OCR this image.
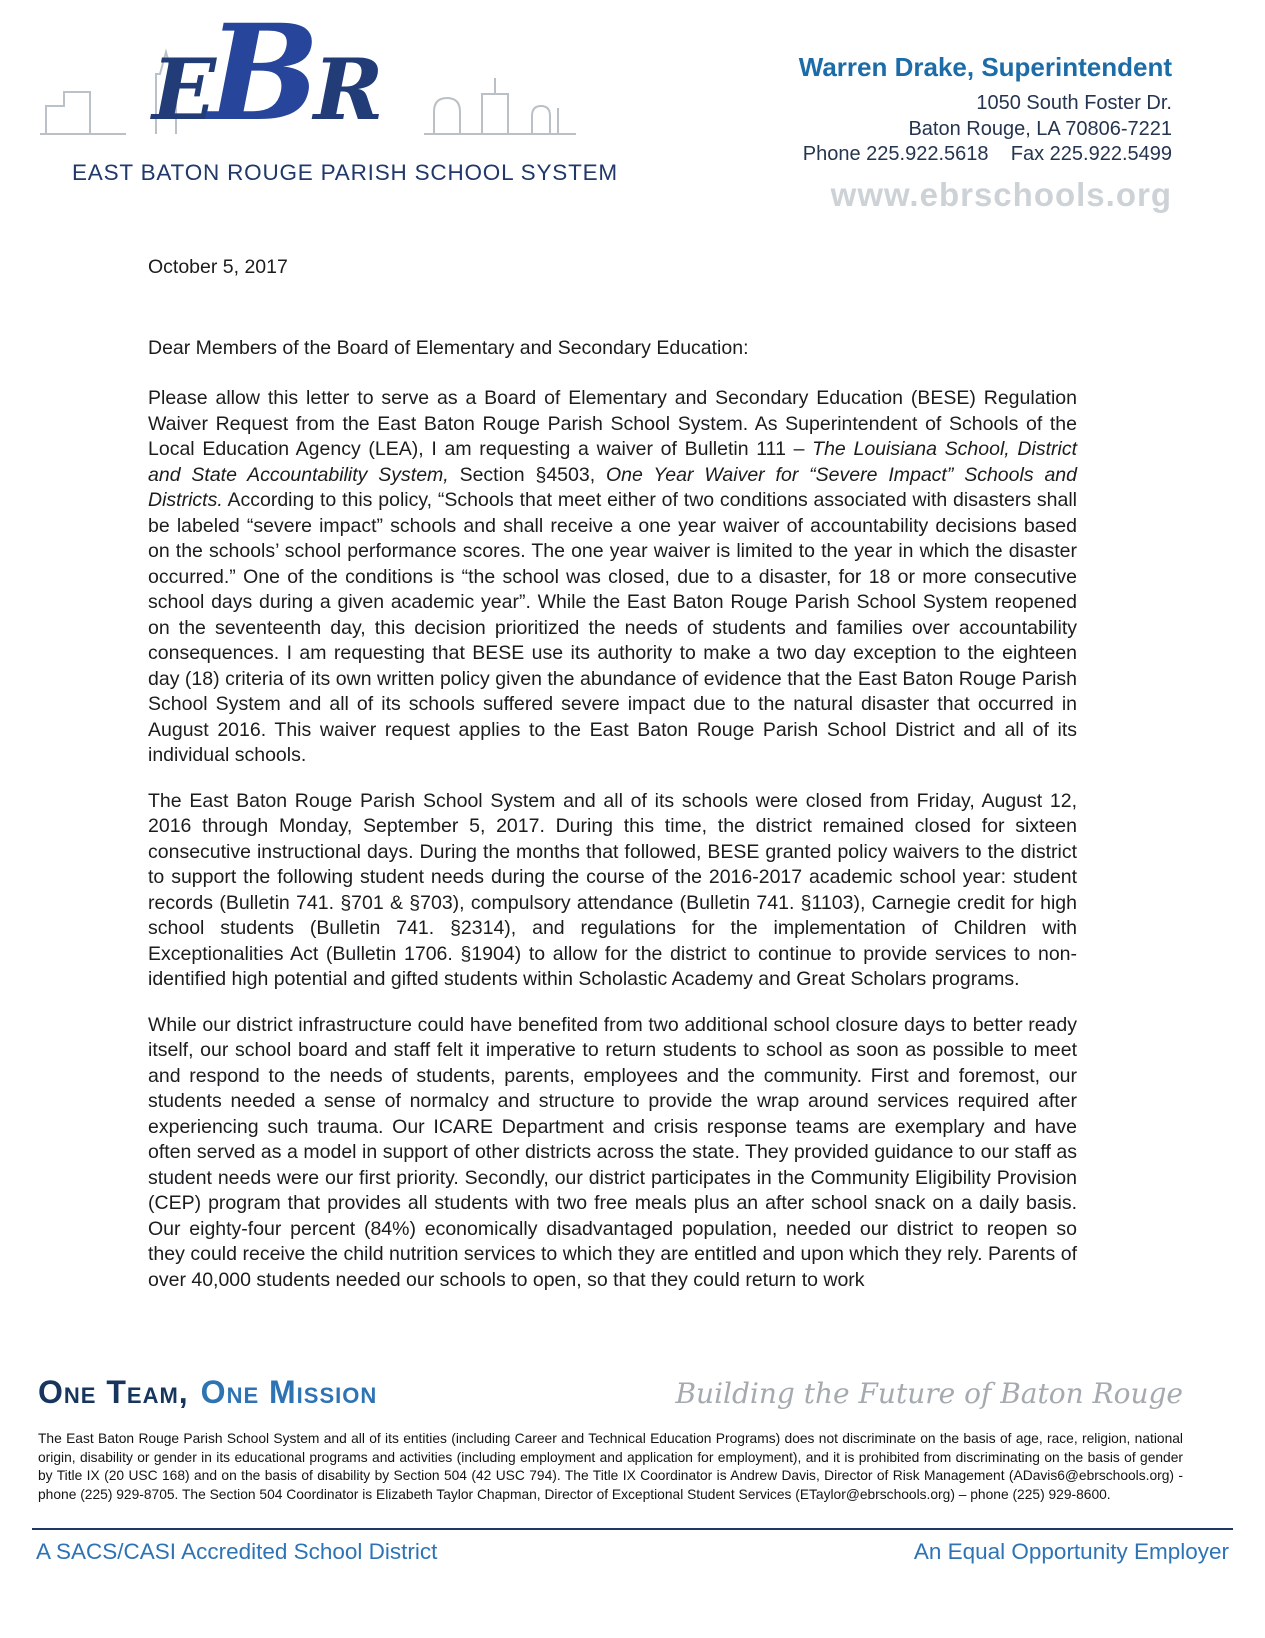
EBR
EAST BATON ROUGE PARISH SCHOOL SYSTEM
Warren Drake, Superintendent
1050 South Foster Dr.
Baton Rouge, LA 70806-7221
Phone 225.922.5618    Fax 225.922.5499
www.ebrschools.org
October 5, 2017
Dear Members of the Board of Elementary and Secondary Education:

Please allow this letter to serve as a Board of Elementary and Secondary Education (BESE) Regulation Waiver Request from the East Baton Rouge Parish School System. As Superintendent of Schools of the Local Education Agency (LEA), I am requesting a waiver of Bulletin 111 – The Louisiana School, District and State Accountability System, Section §4503, One Year Waiver for “Severe Impact” Schools and Districts. According to this policy, “Schools that meet either of two conditions associated with disasters shall be labeled “severe impact” schools and shall receive a one year waiver of accountability decisions based on the schools’ school performance scores. The one year waiver is limited to the year in which the disaster occurred.” One of the conditions is “the school was closed, due to a disaster, for 18 or more consecutive school days during a given academic year”. While the East Baton Rouge Parish School System reopened on the seventeenth day, this decision prioritized the needs of students and families over accountability consequences. I am requesting that BESE use its authority to make a two day exception to the eighteen day (18) criteria of its own written policy given the abundance of evidence that the East Baton Rouge Parish School System and all of its schools suffered severe impact due to the natural disaster that occurred in August 2016. This waiver request applies to the East Baton Rouge Parish School District and all of its individual schools.

The East Baton Rouge Parish School System and all of its schools were closed from Friday, August 12, 2016 through Monday, September 5, 2017. During this time, the district remained closed for sixteen consecutive instructional days. During the months that followed, BESE granted policy waivers to the district to support the following student needs during the course of the 2016-2017 academic school year: student records (Bulletin 741. §701 & §703), compulsory attendance (Bulletin 741. §1103), Carnegie credit for high school students (Bulletin 741. §2314), and regulations for the implementation of Children with Exceptionalities Act (Bulletin 1706. §1904) to allow for the district to continue to provide services to non-identified high potential and gifted students within Scholastic Academy and Great Scholars programs.

While our district infrastructure could have benefited from two additional school closure days to better ready itself, our school board and staff felt it imperative to return students to school as soon as possible to meet and respond to the needs of students, parents, employees and the community. First and foremost, our students needed a sense of normalcy and structure to provide the wrap around services required after experiencing such trauma. Our ICARE Department and crisis response teams are exemplary and have often served as a model in support of other districts across the state. They provided guidance to our staff as student needs were our first priority. Secondly, our district participates in the Community Eligibility Provision (CEP) program that provides all students with two free meals plus an after school snack on a daily basis. Our eighty-four percent (84%) economically disadvantaged population, needed our district to reopen so they could receive the child nutrition services to which they are entitled and upon which they rely. Parents of over 40,000 students needed our schools to open, so that they could return to work

One Team, One Mission	Building the Future of Baton Rouge
The East Baton Rouge Parish School System and all of its entities (including Career and Technical Education Programs) does not discriminate on the basis of age, race, religion, national origin, disability or gender in its educational programs and activities (including employment and application for employment), and it is prohibited from discriminating on the basis of gender by Title IX (20 USC 168) and on the basis of disability by Section 504 (42 USC 794). The Title IX Coordinator is Andrew Davis, Director of Risk Management (ADavis6@ebrschools.org) - phone (225) 929-8705. The Section 504 Coordinator is Elizabeth Taylor Chapman, Director of Exceptional Student Services (ETaylor@ebrschools.org) – phone (225) 929-8600.
A SACS/CASI Accredited School District	An Equal Opportunity Employer
